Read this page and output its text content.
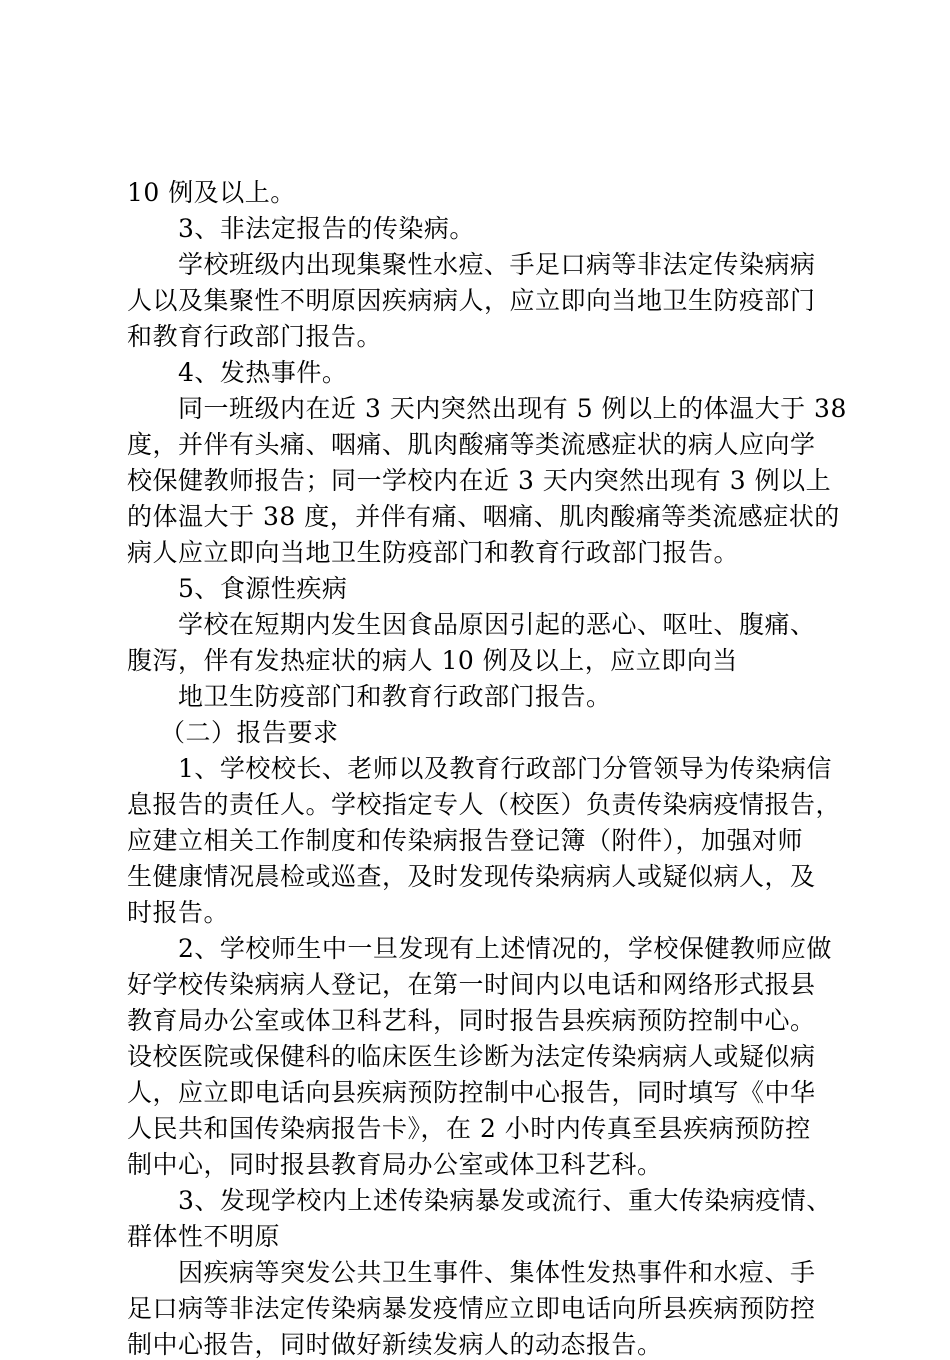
10 例及以上。
3、非法定报告的传染病。
学校班级内出现集聚性水痘、手足口病等非法定传染病病
人以及集聚性不明原因疾病病人，应立即向当地卫生防疫部门
和教育行政部门报告。
4、发热事件。
同一班级内在近 3 天内突然出现有 5 例以上的体温大于 38
度，并伴有头痛、咽痛、肌肉酸痛等类流感症状的病人应向学
校保健教师报告；同一学校内在近 3 天内突然出现有 3 例以上
的体温大于 38 度，并伴有痛、咽痛、肌肉酸痛等类流感症状的
病人应立即向当地卫生防疫部门和教育行政部门报告。
5、食源性疾病
学校在短期内发生因食品原因引起的恶心、呕吐、腹痛、
腹泻，伴有发热症状的病人 10 例及以上，应立即向当
地卫生防疫部门和教育行政部门报告。
（二）报告要求
1、学校校长、老师以及教育行政部门分管领导为传染病信
息报告的责任人。学校指定专人（校医）负责传染病疫情报告，
应建立相关工作制度和传染病报告登记簿（附件），加强对师
生健康情况晨检或巡查，及时发现传染病病人或疑似病人，及
时报告。
2、学校师生中一旦发现有上述情况的，学校保健教师应做
好学校传染病病人登记，在第一时间内以电话和网络形式报县
教育局办公室或体卫科艺科，同时报告县疾病预防控制中心。
设校医院或保健科的临床医生诊断为法定传染病病人或疑似病
人，应立即电话向县疾病预防控制中心报告，同时填写《中华
人民共和国传染病报告卡》，在 2 小时内传真至县疾病预防控
制中心，同时报县教育局办公室或体卫科艺科。
3、发现学校内上述传染病暴发或流行、重大传染病疫情、
群体性不明原
因疾病等突发公共卫生事件、集体性发热事件和水痘、手
足口病等非法定传染病暴发疫情应立即电话向所县疾病预防控
制中心报告，同时做好新续发病人的动态报告。
